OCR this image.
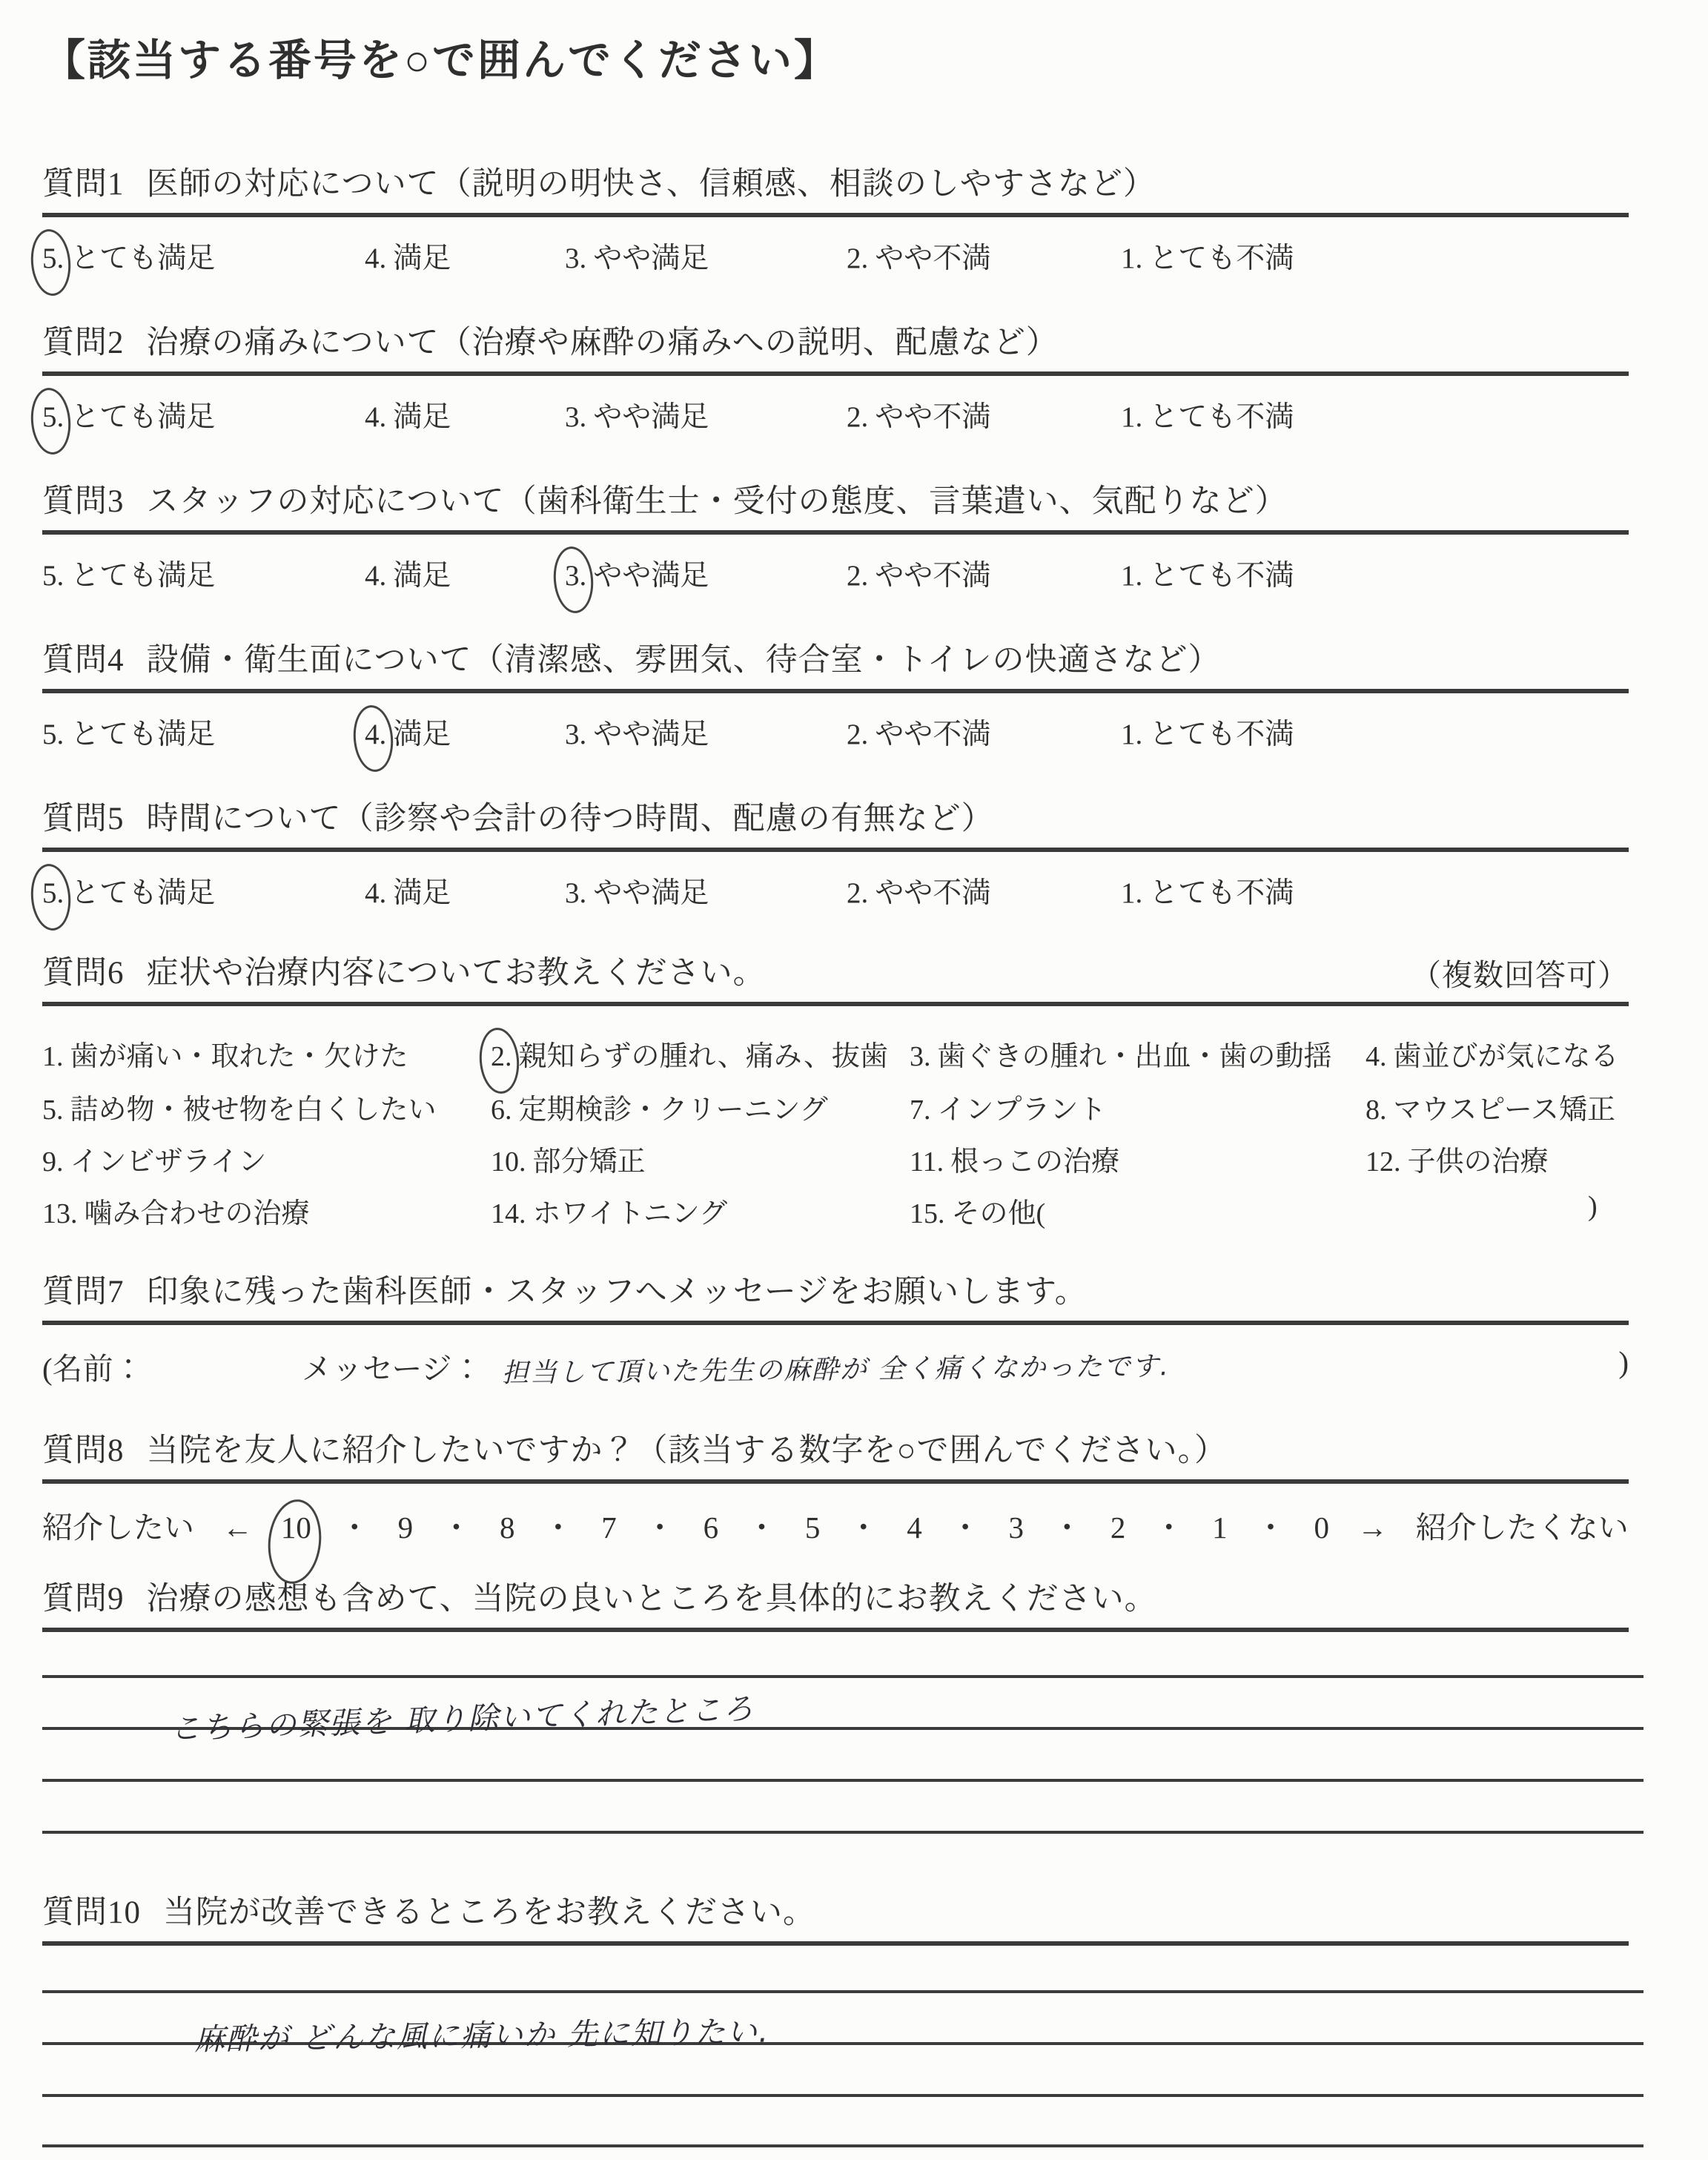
【該当する番号を○で囲んでください】
質問1 医師の対応について（説明の明快さ、信頼感、相談のしやすさなど）
5. とても満足	4. 満足	3. やや満足	2. やや不満	1. とても不満
質問2 治療の痛みについて（治療や麻酔の痛みへの説明、配慮など）
5. とても満足	4. 満足	3. やや満足	2. やや不満	1. とても不満
質問3 スタッフの対応について（歯科衛生士・受付の態度、言葉遣い、気配りなど）
5. とても満足	4. 満足	3. やや満足	2. やや不満	1. とても不満
質問4 設備・衛生面について（清潔感、雰囲気、待合室・トイレの快適さなど）
5. とても満足	4. 満足	3. やや満足	2. やや不満	1. とても不満
質問5 時間について（診察や会計の待つ時間、配慮の有無など）
5. とても満足	4. 満足	3. やや満足	2. やや不満	1. とても不満
質問6 症状や治療内容についてお教えください。	（複数回答可）
1. 歯が痛い・取れた・欠けた	2. 親知らずの腫れ、痛み、抜歯 3. 歯ぐきの腫れ・出血・歯の動揺 4. 歯並びが気になる
5. 詰め物・被せ物を白くしたい 6. 定期検診・クリーニング	7. インプラント	8. マウスピース矯正
9. インビザライン	10. 部分矯正	11. 根っこの治療	12. 子供の治療
13. 噛み合わせの治療	14. ホワイトニング	15. その他(	)
質問7 印象に残った歯科医師・スタッフへメッセージをお願いします。
(名前：	メッセージ： 担当して頂いた先生の麻酔が 全く痛くなかったです.	)
質問8 当院を友人に紹介したいですか？（該当する数字を○で囲んでください。）
紹介したい ← 10 ・ 9 ・ 8 ・ 7 ・ 6 ・ 5 ・ 4 ・ 3 ・ 2 ・ 1 ・ 0 → 紹介したくない
質問9 治療の感想も含めて、当院の良いところを具体的にお教えください。
こちらの緊張を 取り除いてくれたところ
質問10 当院が改善できるところをお教えください。
麻酔が どんな風に痛いか 先に知りたい.
